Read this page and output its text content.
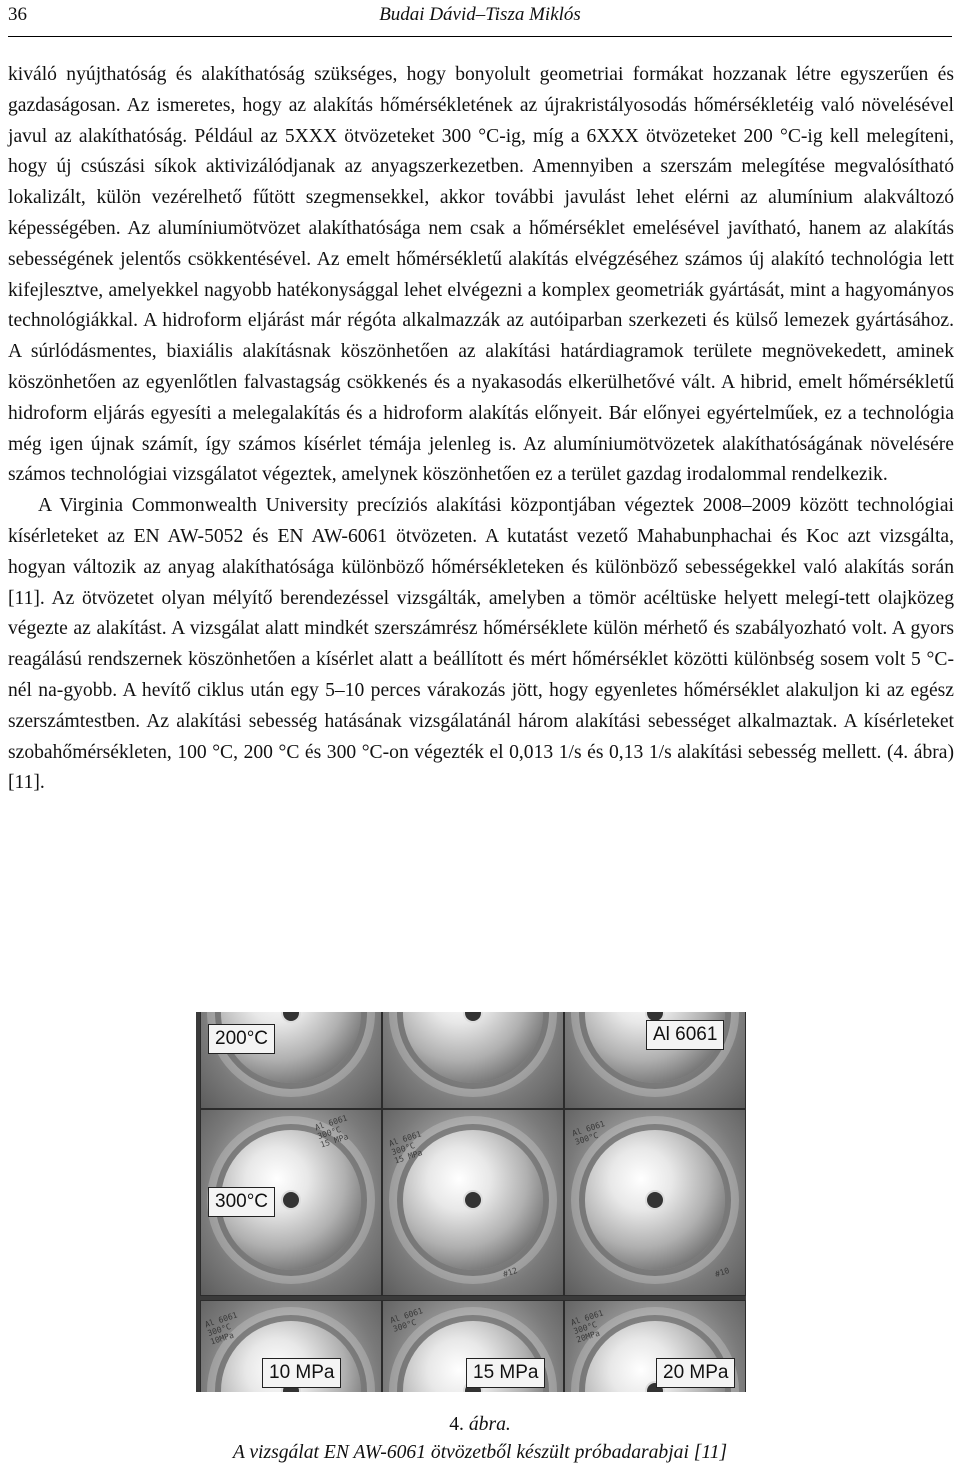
36	Budai Dávid–Tisza Miklós

kiváló nyújthatóság és alakíthatóság szükséges, hogy bonyolult geometriai formákat hozzanak létre egyszerűen és gazdaságosan. Az ismeretes, hogy az alakítás hőmérsékletének az újrakristályosodás hőmérsékletéig való növelésével javul az alakíthatóság. Például az 5XXX ötvözeteket 300 °C-ig, míg a 6XXX ötvözeteket 200 °C-ig kell melegíteni, hogy új csúszási síkok aktivizálódjanak az anyagszerkezetben. Amennyiben a szerszám melegítése megvalósítható lokalizált, külön vezérelhető fűtött szegmensekkel, akkor további javulást lehet elérni az alumínium alakváltozó képességében. Az alumíniumötvözet alakíthatósága nem csak a hőmérséklet emelésével javítható, hanem az alakítás sebességének jelentős csökkentésével. Az emelt hőmérsékletű alakítás elvégzéséhez számos új alakító technológia lett kifejlesztve, amelyekkel nagyobb hatékonysággal lehet elvégezni a komplex geometriák gyártását, mint a hagyományos technológiákkal. A hidroform eljárást már régóta alkalmazzák az autóiparban szerkezeti és külső lemezek gyártásához. A súrlódásmentes, biaxiális alakításnak köszönhetően az alakítási határdiagramok területe megnövekedett, aminek köszönhetően az egyenlőtlen falvastagság csökkenés és a nyakasodás elkerülhetővé vált. A hibrid, emelt hőmérsékletű hidroform eljárás egyesíti a melegalakítás és a hidroform alakítás előnyeit. Bár előnyei egyértelműek, ez a technológia még igen újnak számít, így számos kísérlet témája jelenleg is. Az alumíniumötvözetek alakíthatóságának növelésére számos technológiai vizsgálatot végeztek, amelynek köszönhetően ez a terület gazdag irodalommal rendelkezik.

A Virginia Commonwealth University precíziós alakítási központjában végeztek 2008–2009 között technológiai kísérleteket az EN AW-5052 és EN AW-6061 ötvözeten. A kutatást vezető Mahabunphachai és Koc azt vizsgálta, hogyan változik az anyag alakíthatósága különböző hőmérsékleteken és különböző sebességekkel való alakítás során [11]. Az ötvözetet olyan mélyítő berendezéssel vizsgálták, amelyben a tömör acéltüske helyett melegí-tett olajközeg végezte az alakítást. A vizsgálat alatt mindkét szerszámrész hőmérséklete külön mérhető és szabályozható volt. A gyors reagálású rendszernek köszönhetően a kísérlet alatt a beállított és mért hőmérséklet közötti különbség sosem volt 5 °C-nél na-gyobb. A hevítő ciklus után egy 5–10 perces várakozás jött, hogy egyenletes hőmérséklet alakuljon ki az egész szerszámtestben. Az alakítási sebesség hatásának vizsgálatánál három alakítási sebességet alkalmaztak. A kísérleteket szobahőmérsékleten, 100 °C, 200 °C és 300 °C-on végezték el 0,013 1/s és 0,13 1/s alakítási sebesség mellett. (4. ábra) [11].

Al 6061
300°C
15 MPa	Al 6061
300°C
15 MPa
#12
Al 6061
300°C
#10
Al 6061
300°C
10MPa
Al 6061
300°C	Al 6061
300°C
20MPa
200°C	Al 6061
300°C
10 MPa	15 MPa	20 MPa
4. ábra.
A vizsgálat EN AW-6061 ötvözetből készült próbadarabjai [11]
